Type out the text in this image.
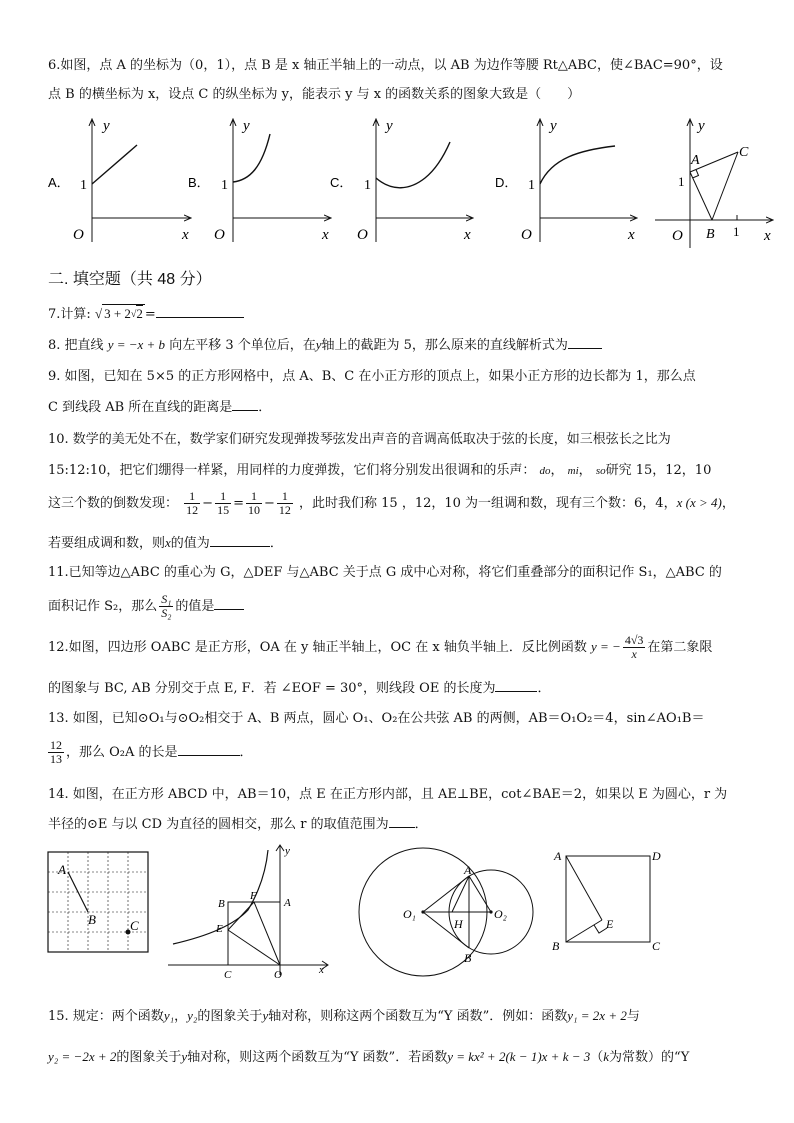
6.如图，点 A 的坐标为（0，1），点 B 是 x 轴正半轴上的一动点，以 AB 为边作等腰 Rt△ABC，使∠BAC=90°，设
点 B 的横坐标为 x，设点 C 的纵坐标为 y，能表示 y 与 x 的函数关系的图象大致是（　　）
A．
y
x
O
1	B．
y
x
O
1	C．
y
x
O
1	D．
y
x
O
1
y
x
O
A
B
C
1
1
二. 填空题（共 48 分）
7.计算: √ 3 + 2√2 =
8. 把直线 y = −x + b 向左平移 3 个单位后，在y轴上的截距为 5，那么原来的直线解析式为
9. 如图，已知在 5×5 的正方形网格中，点 A、B、C 在小正方形的顶点上，如果小正方形的边长都为 1，那么点
C 到线段 AB 所在直线的距离是 ．
10. 数学的美无处不在，数学家们研究发现弹拨琴弦发出声音的音调高低取决于弦的长度，如三根弦长之比为
15:12:10，把它们绷得一样紧，用同样的力度弹拨，它们将分别发出很调和的乐声： do， mi， so研究 15，12，10
这三个数的倒数发现： $\frac{1}{12} - \frac{1}{15} = \frac{1}{10} - \frac{1}{12}$ ，此时我们称 15 ，12，10 为一组调和数，现有三个数：6，4，x (x > 4)，
若要组成调和数，则x的值为	．
11.已知等边△ABC 的重心为 G，△DEF 与△ABC 关于点 G 成中心对称，将它们重叠部分的面积记作 S₁，△ABC 的
面积记作 S₂，那么 $\frac{\text{S₁}}{\text{S₂}}$ 的值是
12.如图，四边形 OABC 是正方形，OA 在 y 轴正半轴上，OC 在 x 轴负半轴上．反比例函数 y = − $\frac{4√3}{x}$ 在第二象限
的图象与 BC, AB 分别交于点 E, F．若 ∠EOF = 30°，则线段 OE 的长度为	．
13. 如图，已知⊙O₁与⊙O₂相交于 A、B 两点，圆心 O₁、O₂在公共弦 AB 的两侧，AB＝O₁O₂＝4，sin∠AO₁B＝
$\frac{12}{13}$ ，那么 O₂A 的长是	．
14. 如图，在正方形 ABCD 中，AB＝10，点 E 在正方形内部，且 AE⊥BE，cot∠BAE＝2，如果以 E 为圆心，r 为
半径的⊙E 与以 CD 为直径的圆相交，那么 r 的取值范围为 ．
A
B	C
y
x
B
F
A
E
C	O
A
B
O₁	O₂
H
A	D
B	C
E
15. 规定：两个函数y₁，y₂的图象关于y轴对称，则称这两个函数互为“Y 函数”．例如：函数y₁ = 2x + 2与
y₂ = −2x + 2的图象关于y轴对称，则这两个函数互为“Y 函数”．若函数y = kx² + 2(k − 1)x + k − 3（k为常数）的“Y
